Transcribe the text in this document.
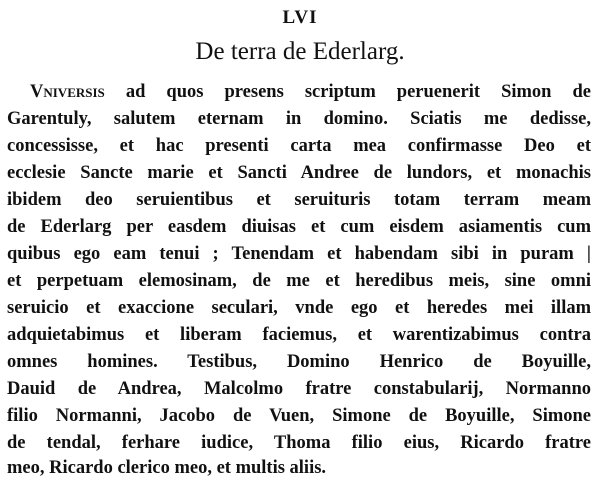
LVI
De terra de Ederlarg.
Vniversis ad quos presens scriptum peruenerit Simon de
Garentuly, salutem eternam in domino. Sciatis me dedisse,
concessisse, et hac presenti carta mea confirmasse Deo et
ecclesie Sancte marie et Sancti Andree de lundors, et monachis
ibidem deo seruientibus et seruituris totam terram meam
de Ederlarg per easdem diuisas et cum eisdem asiamentis cum
quibus ego eam tenui ; Tenendam et habendam sibi in puram |
et perpetuam elemosinam, de me et heredibus meis, sine omni
seruicio et exaccione seculari, vnde ego et heredes mei illam
adquietabimus et liberam faciemus, et warentizabimus contra
omnes homines. Testibus, Domino Henrico de Boyuille,
Dauid de Andrea, Malcolmo fratre constabularij, Normanno
filio Normanni, Jacobo de Vuen, Simone de Boyuille, Simone
de tendal, ferhare iudice, Thoma filio eius, Ricardo fratre
meo, Ricardo clerico meo, et multis aliis.
